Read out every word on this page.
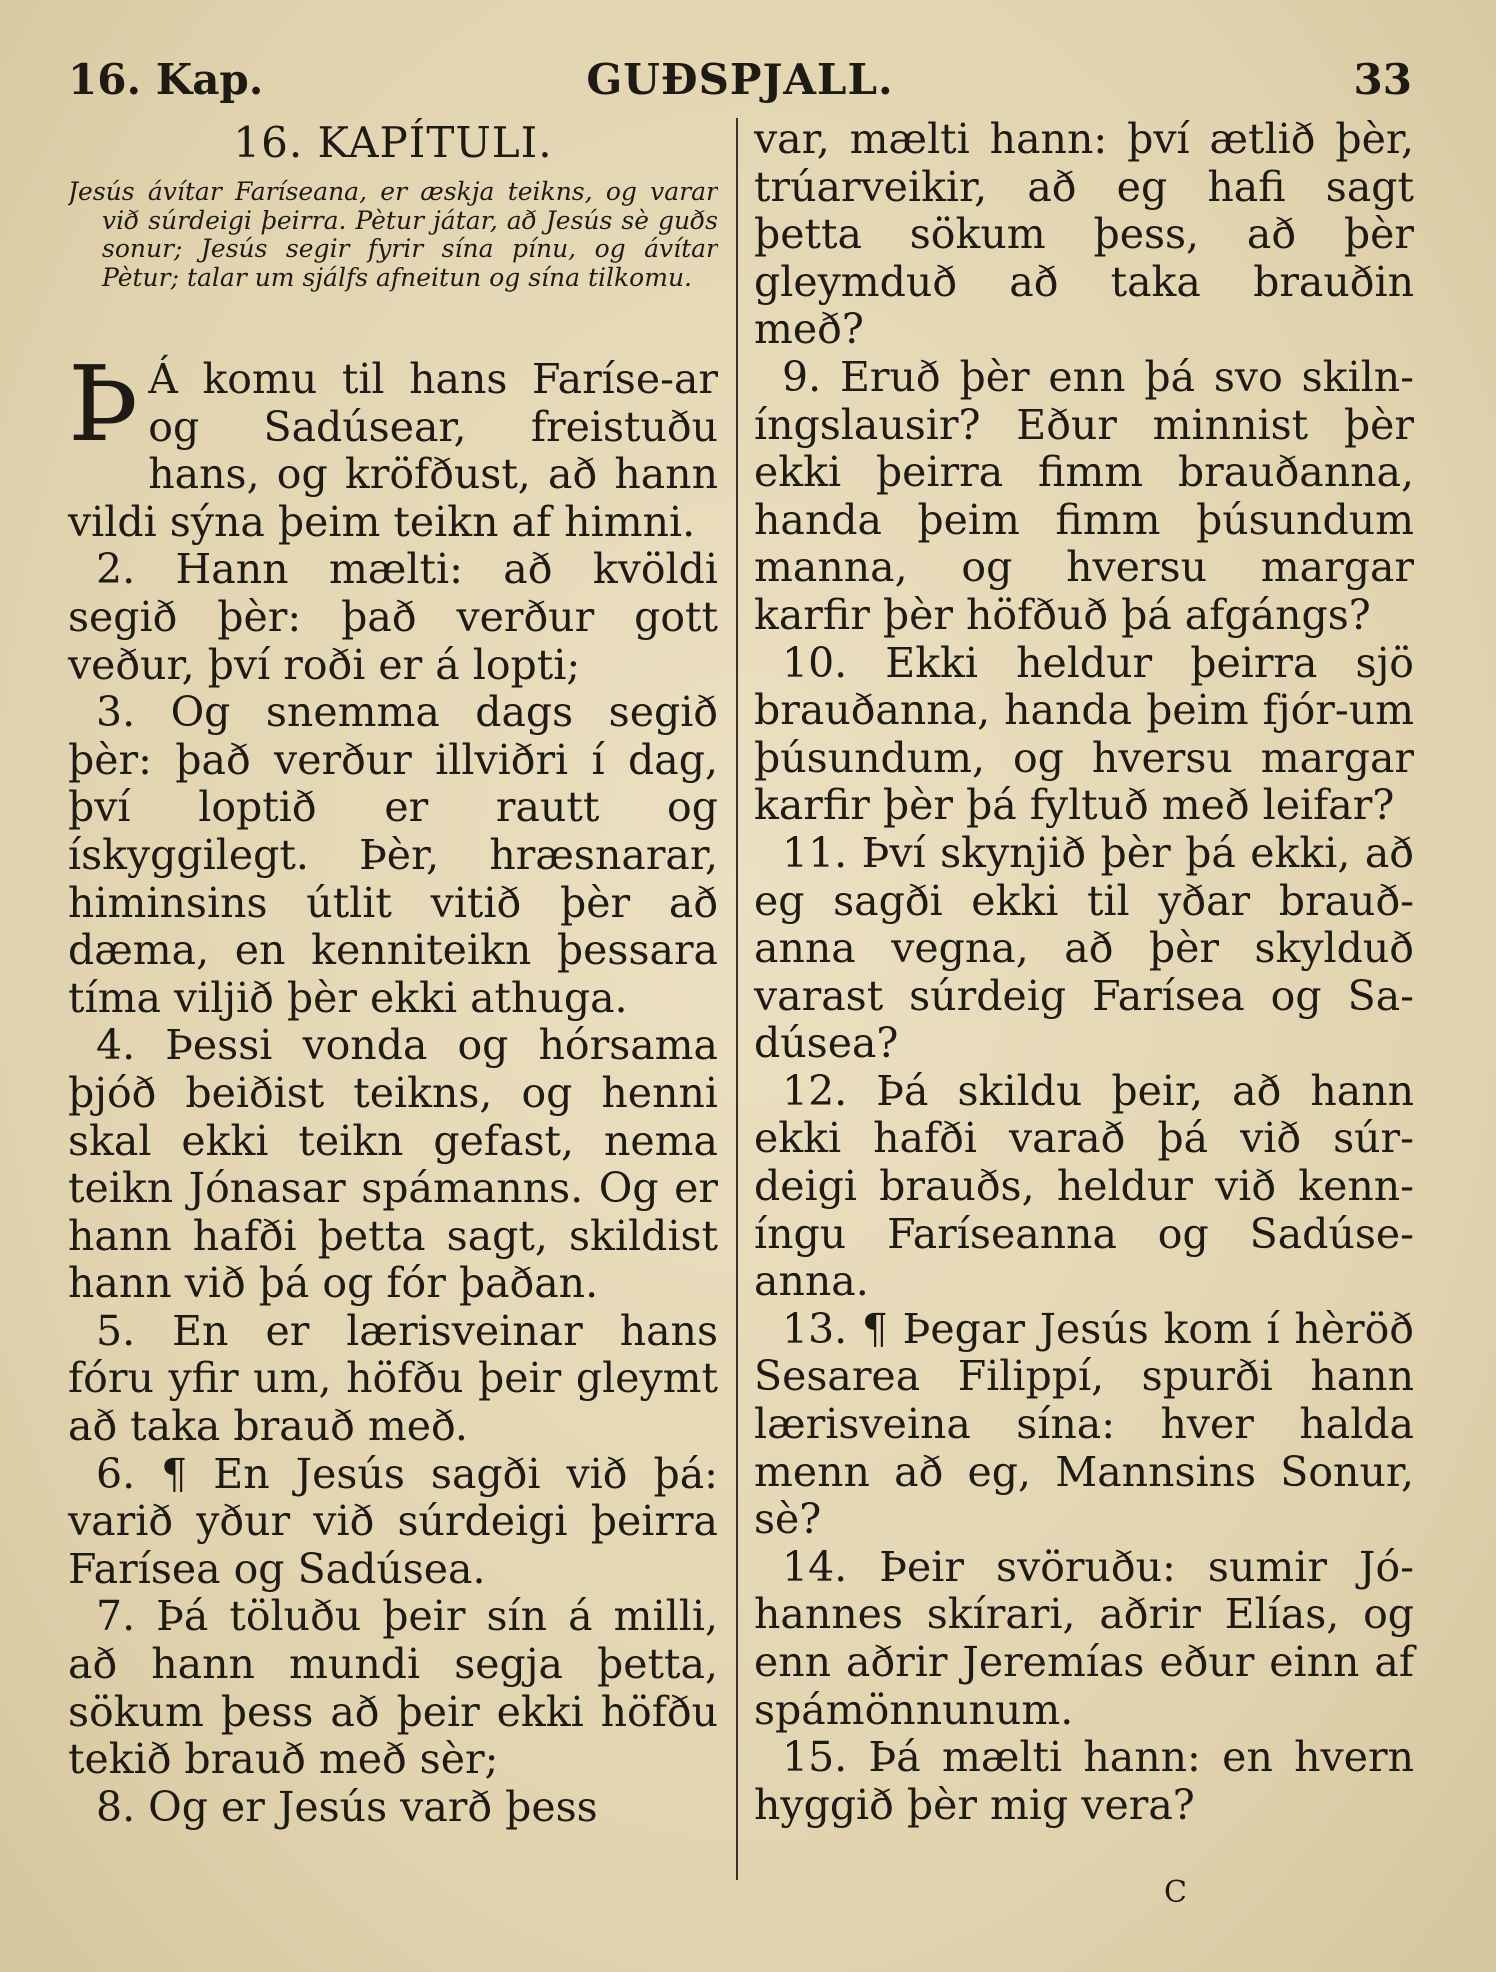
16. Kap.	GUÐSPJALL.	33
16. KAPÍTULI.

Jesús ávítar Faríseana, er æskja teikns, og varar við súrdeigi þeirra. Pètur játar, að Jesús sè guðs sonur; Jesús segir fyrir sína pínu, og ávítar Pètur; talar um sjálfs afneitun og sína tilkomu.

Þ Á komu til hans Faríse-ar og Sadúsear, freistuðu hans, og kröfðust, að hann vildi sýna þeim teikn af himni.

2. Hann mælti: að kvöldi segið þèr: það verður gott veður, því roði er á lopti;

3. Og snemma dags segið þèr: það verður illviðri í dag, því loptið er rautt og ískyggilegt. Þèr, hræsnarar, himinsins útlit vitið þèr að dæma, en kenniteikn þessara tíma viljið þèr ekki athuga.

4. Þessi vonda og hórsama þjóð beiðist teikns, og henni skal ekki teikn gefast, nema teikn Jónasar spámanns. Og er hann hafði þetta sagt, skildist hann við þá og fór þaðan.

5. En er lærisveinar hans fóru yfir um, höfðu þeir gleymt að taka brauð með.

6. ¶ En Jesús sagði við þá: varið yður við súrdeigi þeirra Farísea og Sadúsea.

7. Þá töluðu þeir sín á milli, að hann mundi segja þetta, sökum þess að þeir ekki höfðu tekið brauð með sèr;

8. Og er Jesús varð þess

var, mælti hann: því ætlið þèr, trúarveikir, að eg hafi sagt þetta sökum þess, að þèr gleymduð að taka brauðin með?

9. Eruð þèr enn þá svo skiln-íngslausir? Eður minnist þèr ekki þeirra fimm brauðanna, handa þeim fimm þúsundum manna, og hversu margar karfir þèr höfðuð þá afgángs?

10. Ekki heldur þeirra sjö brauðanna, handa þeim fjór-um þúsundum, og hversu margar karfir þèr þá fyltuð með leifar?

11. Því skynjið þèr þá ekki, að eg sagði ekki til yðar brauð-anna vegna, að þèr skylduð varast súrdeig Farísea og Sa-dúsea?

12. Þá skildu þeir, að hann ekki hafði varað þá við súr-deigi brauðs, heldur við kenn-íngu Faríseanna og Sadúse-anna.

13. ¶ Þegar Jesús kom í hèröð Sesarea Filippí, spurði hann lærisveina sína: hver halda menn að eg, Mannsins Sonur, sè?

14. Þeir svöruðu: sumir Jó-hannes skírari, aðrir Elías, og enn aðrir Jeremías eður einn af spámönnunum.

15. Þá mælti hann: en hvern hyggið þèr mig vera?

C
